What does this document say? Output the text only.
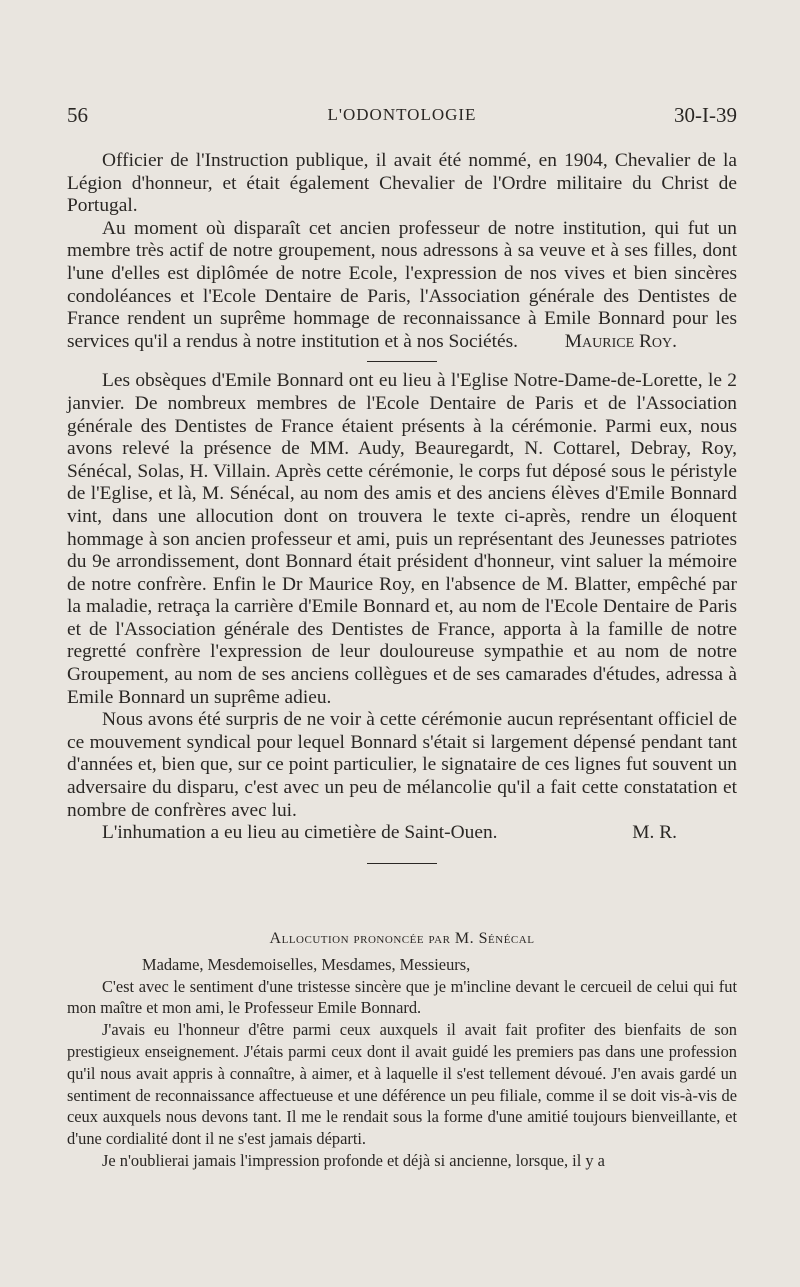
56	L'ODONTOLOGIE	30-I-39

Officier de l'Instruction publique, il avait été nommé, en 1904, Chevalier de la Légion d'honneur, et était également Chevalier de l'Ordre militaire du Christ de Portugal.

Au moment où disparaît cet ancien professeur de notre institution, qui fut un membre très actif de notre groupement, nous adressons à sa veuve et à ses filles, dont l'une d'elles est diplômée de notre Ecole, l'expression de nos vives et bien sincères condoléances et l'Ecole Dentaire de Paris, l'Association générale des Dentistes de France rendent un suprême hommage de reconnaissance à Emile Bonnard pour les services qu'il a rendus à notre institution et à nos Sociétés.	Maurice Roy.

Les obsèques d'Emile Bonnard ont eu lieu à l'Eglise Notre-Dame-de-Lorette, le 2 janvier. De nombreux membres de l'Ecole Dentaire de Paris et de l'Association générale des Dentistes de France étaient présents à la cérémonie. Parmi eux, nous avons relevé la présence de MM. Audy, Beauregardt, N. Cottarel, Debray, Roy, Sénécal, Solas, H. Villain. Après cette cérémonie, le corps fut déposé sous le péristyle de l'Eglise, et là, M. Sénécal, au nom des amis et des anciens élèves d'Emile Bonnard vint, dans une allocution dont on trouvera le texte ci-après, rendre un éloquent hommage à son ancien professeur et ami, puis un représentant des Jeunesses patriotes du 9e arrondissement, dont Bonnard était président d'honneur, vint saluer la mémoire de notre confrère. Enfin le Dr Maurice Roy, en l'absence de M. Blatter, empêché par la maladie, retraça la carrière d'Emile Bonnard et, au nom de l'Ecole Dentaire de Paris et de l'Association générale des Dentistes de France, apporta à la famille de notre regretté confrère l'expression de leur douloureuse sympathie et au nom de notre Groupement, au nom de ses anciens collègues et de ses camarades d'études, adressa à Emile Bonnard un suprême adieu.

Nous avons été surpris de ne voir à cette cérémonie aucun représentant officiel de ce mouvement syndical pour lequel Bonnard s'était si largement dépensé pendant tant d'années et, bien que, sur ce point particulier, le signataire de ces lignes fut souvent un adversaire du disparu, c'est avec un peu de mélancolie qu'il a fait cette constatation et nombre de confrères avec lui.

L'inhumation a eu lieu au cimetière de Saint-Ouen.	M. R.

Allocution prononcée par M. Sénécal

Madame, Mesdemoiselles, Mesdames, Messieurs,

C'est avec le sentiment d'une tristesse sincère que je m'incline devant le cercueil de celui qui fut mon maître et mon ami, le Professeur Emile Bonnard.

J'avais eu l'honneur d'être parmi ceux auxquels il avait fait profiter des bienfaits de son prestigieux enseignement. J'étais parmi ceux dont il avait guidé les premiers pas dans une profession qu'il nous avait appris à connaître, à aimer, et à laquelle il s'est tellement dévoué. J'en avais gardé un sentiment de reconnaissance affectueuse et une déférence un peu filiale, comme il se doit vis-à-vis de ceux auxquels nous devons tant. Il me le rendait sous la forme d'une amitié toujours bienveillante, et d'une cordialité dont il ne s'est jamais départi.

Je n'oublierai jamais l'impression profonde et déjà si ancienne, lorsque, il y a
